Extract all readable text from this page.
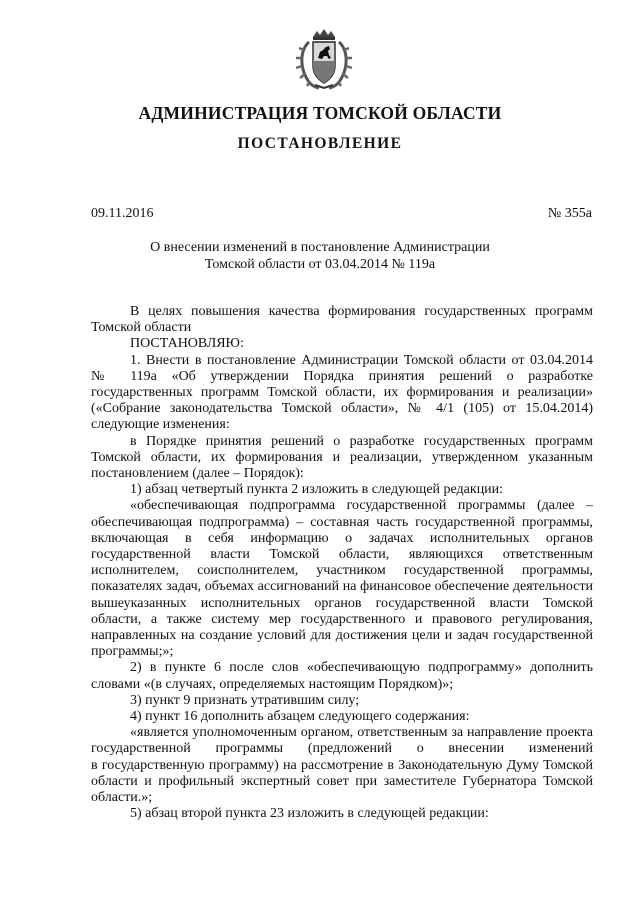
АДМИНИСТРАЦИЯ ТОМСКОЙ ОБЛАСТИ
ПОСТАНОВЛЕНИЕ
09.11.2016	№ 355а
О внесении изменений в постановление Администрации
Томской области от 03.04.2014 № 119а

В целях повышения качества формирования государственных программ

Томской области

ПОСТАНОВЛЯЮ:

1. Внести в постановление Администрации Томской области от 03.04.2014

№ 119а «Об утверждении Порядка принятия решений о разработке

государственных программ Томской области, их формирования и реализации»

(«Собрание законодательства Томской области», № 4/1 (105) от 15.04.2014)

следующие изменения:

в Порядке принятия решений о разработке государственных программ

Томской области, их формирования и реализации, утвержденном указанным

постановлением (далее – Порядок):

1) абзац четвертый пункта 2 изложить в следующей редакции:

«обеспечивающая подпрограмма государственной программы (далее –

обеспечивающая подпрограмма) – составная часть государственной программы,

включающая в себя информацию о задачах исполнительных органов

государственной власти Томской области, являющихся ответственным

исполнителем, соисполнителем, участником государственной программы,

показателях задач, объемах ассигнований на финансовое обеспечение деятельности

вышеуказанных исполнительных органов государственной власти Томской

области, а также систему мер государственного и правового регулирования,

направленных на создание условий для достижения цели и задач государственной

программы;»;

2) в пункте 6 после слов «обеспечивающую подпрограмму» дополнить

словами «(в случаях, определяемых настоящим Порядком)»;

3) пункт 9 признать утратившим силу;

4) пункт 16 дополнить абзацем следующего содержания:

«является уполномоченным органом, ответственным за направление проекта

государственной программы (предложений о внесении изменений

в государственную программу) на рассмотрение в Законодательную Думу Томской

области и профильный экспертный совет при заместителе Губернатора Томской

области.»;

5) абзац второй пункта 23 изложить в следующей редакции:
